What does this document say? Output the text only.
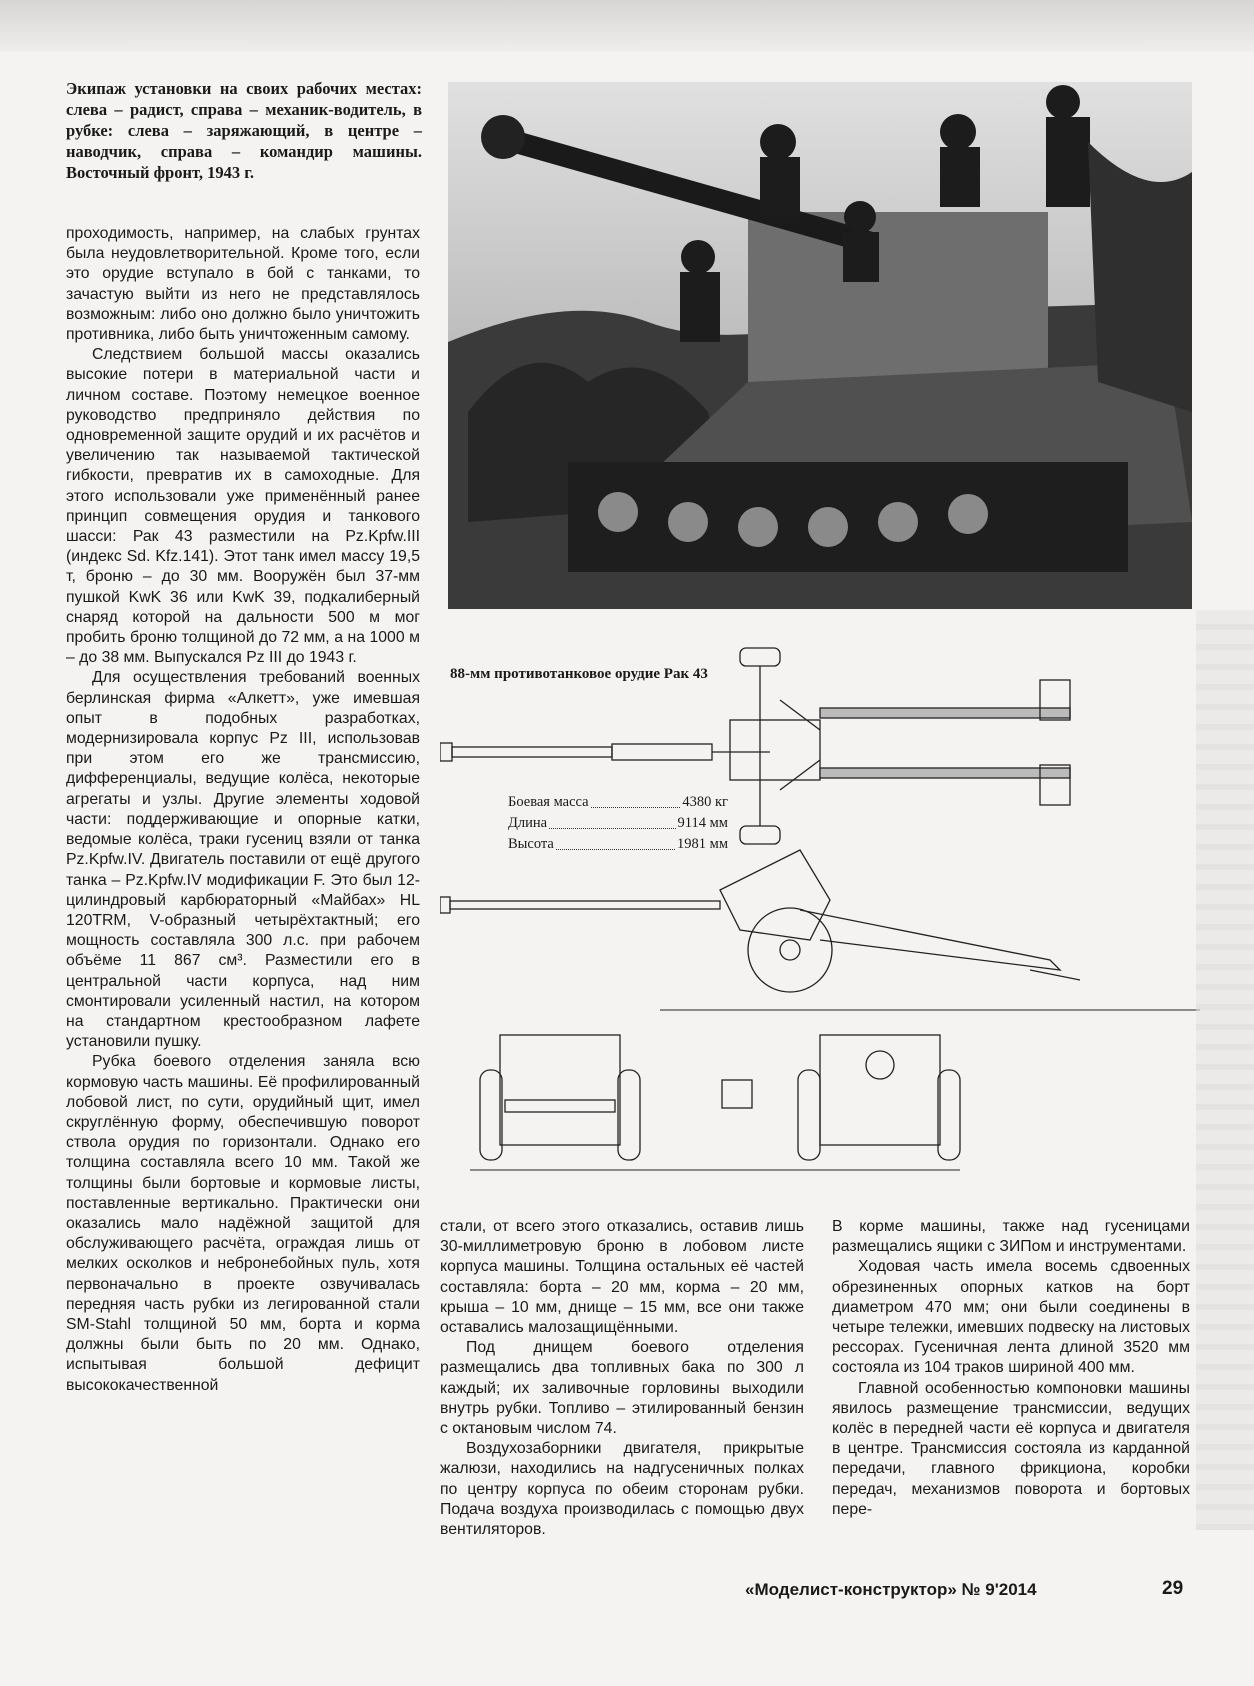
Экипаж установки на своих рабочих местах: слева – радист, справа – механик-водитель, в рубке: слева – заряжающий, в центре – наводчик, справа – командир машины. Восточный фронт, 1943 г.

проходимость, например, на слабых грунтах была неудовлетворительной. Кроме того, если это орудие вступало в бой с танками, то зачастую выйти из него не представлялось возможным: либо оно должно было уничтожить противника, либо быть уничтоженным самому.

Следствием большой массы оказались высокие потери в материальной части и личном составе. Поэтому немецкое военное руководство предприняло действия по одновременной защите орудий и их расчётов и увеличению так называемой тактической гибкости, превратив их в самоходные. Для этого использовали уже применённый ранее принцип совмещения орудия и танкового шасси: Рак 43 разместили на Pz.Kpfw.III (индекс Sd. Kfz.141). Этот танк имел массу 19,5 т, броню – до 30 мм. Вооружён был 37-мм пушкой KwK 36 или KwK 39, подкалиберный снаряд которой на дальности 500 м мог пробить броню толщиной до 72 мм, а на 1000 м – до 38 мм. Выпускался Pz III до 1943 г.

Для осуществления требований военных берлинская фирма «Алкетт», уже имевшая опыт в подобных разработках, модернизировала корпус Pz III, использовав при этом его же трансмиссию, дифференциалы, ведущие колёса, некоторые агрегаты и узлы. Другие элементы ходовой части: поддерживающие и опорные катки, ведомые колёса, траки гусениц взяли от танка Pz.Kpfw.IV. Двигатель поставили от ещё другого танка – Pz.Kpfw.IV модификации F. Это был 12-цилиндровый карбюраторный «Майбах» HL 120TRM, V-образный четырёхтактный; его мощность составляла 300 л.с. при рабочем объёме 11 867 см³. Разместили его в центральной части корпуса, над ним смонтировали усиленный настил, на котором на стандартном крестообразном лафете установили пушку.

Рубка боевого отделения заняла всю кормовую часть машины. Её профилированный лобовой лист, по сути, орудийный щит, имел скруглённую форму, обеспечившую поворот ствола орудия по горизонтали. Однако его толщина составляла всего 10 мм. Такой же толщины были бортовые и кормовые листы, поставленные вертикально. Практически они оказались мало надёжной защитой для обслуживающего расчёта, ограждая лишь от мелких осколков и небронебойных пуль, хотя первоначально в проекте озвучивалась передняя часть рубки из легированной стали SM-Stahl толщиной 50 мм, борта и корма должны были быть по 20 мм. Однако, испытывая большой дефицит высококачественной

88-мм противотанковое орудие Рак 43
Боевая масса	4380 кг
Длина	9114 мм
Высота	1981 мм

стали, от всего этого отказались, оставив лишь 30-миллиметровую броню в лобовом листе корпуса машины. Толщина остальных её частей составляла: борта – 20 мм, корма – 20 мм, крыша – 10 мм, днище – 15 мм, все они также оставались малозащищёнными.

Под днищем боевого отделения размещались два топливных бака по 300 л каждый; их заливочные горловины выходили внутрь рубки. Топливо – этилированный бензин с октановым числом 74.

Воздухозаборники двигателя, прикрытые жалюзи, находились на надгусеничных полках по центру корпуса по обеим сторонам рубки. Подача воздуха производилась с помощью двух вентиляторов.

В корме машины, также над гусеницами размещались ящики с ЗИПом и инструментами.

Ходовая часть имела восемь сдвоенных обрезиненных опорных катков на борт диаметром 470 мм; они были соединены в четыре тележки, имевших подвеску на листовых рессорах. Гусеничная лента длиной 3520 мм состояла из 104 траков шириной 400 мм.

Главной особенностью компоновки машины явилось размещение трансмиссии, ведущих колёс в передней части её корпуса и двигателя в центре. Трансмиссия состояла из карданной передачи, главного фрикциона, коробки передач, механизмов поворота и бортовых пере-

«Моделист-конструктор» № 9'2014	29
